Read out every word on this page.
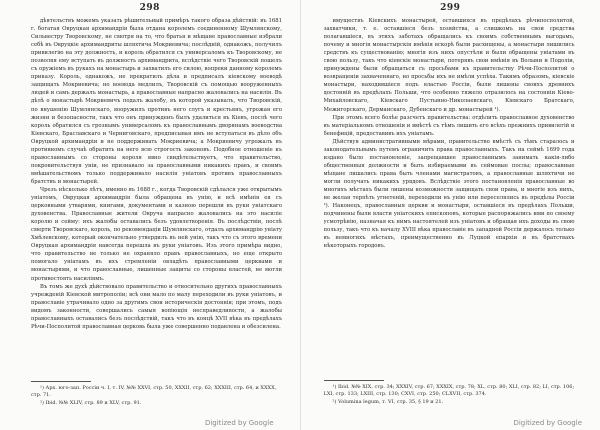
298

дѣятельствъ можемъ указать рѣшительный примѣръ такого образа дѣйствій: въ 1681 г. богатая Овруцкая архимандрія была отдана королемъ соединенному Шумлянскому, Сильвестру Творовскому, не смотря на то, что братья и мѣщане православные избрали себѣ въ Овруцкіе архимандриты шляхтича Мокриевича; послѣдній, однакожъ, получилъ привилегію на эту должность, и король обратился съ универсаломъ къ Творовскому, не позволяя ему вступать въ должность архимандрита, вслѣдствіе чего Творовскій пошелъ съ оружіемъ въ рукахъ на монастырь и захватилъ его силою, вопреки данному королемъ приказу. Король, однакожъ, не прекратилъ дѣла и предписалъ кіевскому воеводѣ защищать Мокриевича; но воевода медлилъ, Творовскій съ помощью вооруженныхъ людей и самъ держалъ монастырь, а православные напрасно жаловались на насилія. Въ дѣлѣ о монастырѣ Мокриевичъ подалъ жалобу, въ которой указывалъ, что Творовскій, по внушенію Шумлянскаго, вооружилъ противъ него слугъ и крестьянъ, угрожая его жизни и безопасности, такъ что онъ принужденъ былъ удалиться въ Кіевъ, послѣ чего король обратился съ грознымъ универсаломъ къ православнымъ дворянамъ воеводства Кіевскаго, Браславскаго и Черниговскаго, предписывая имъ не вступаться въ дѣло объ Овруцкой архимандріи и не поддерживать Мокриевича; а Мокриевичу угрожалъ въ противномъ случаѣ обратить на него всю строгость законовъ. Подобное отношеніе къ православнымъ со стороны короля явно свидѣтельствуетъ, что правительство, покровительствуя уніи, не признавало за православными никакихъ правъ, и своимъ вмѣшательствомъ только поддерживало насилія уніатовъ противъ православныхъ братствъ и монастырей.

Чрезъ нѣсколько лѣтъ, именно въ 1688 г., когда Творовскій сдѣлался уже открытымъ уніатомъ, Овруцкая архимандрія была обращена въ унію, и всѣ имѣнія ея съ церковными утварями, книгами, документами и казною перешли въ руки уніатскаго духовенства. Православные жители Овруча напрасно жаловались на это насиліе королю и сейму: ихъ жалобы оставались безъ удовлетворенія. Въ послѣдствіи, послѣ смерти Творовскаго, король, по рекомендаціи Шумлянскаго, отдалъ архимандрію уніату Хмѣлевскому, который окончательно утвердилъ въ ней унію, такъ что съ этого времени Овруцкая архимандрія навсегда перешла въ руки уніатовъ. Изъ этого примѣра видно, что правительство не только не охраняло правъ православныхъ, но еще открыто помогало уніатамъ въ ихъ стремленіи овладѣть православными церквами и монастырями, и что православные, лишенные защиты со стороны властей, не могли противостоять насиліямъ.

Въ томъ же духѣ дѣйствовало правительство и относительно другихъ православныхъ учрежденій Кіевской митрополіи; всѣ они мало по малу переходили въ руки уніатовъ, и православіе утрачивало одно за другимъ свои историческія достоянія; при этомъ, подъ видомъ законности, совершались самыя вопіющія несправедливости, а жалобы православныхъ оставались безъ послѣдствій, такъ что въ концѣ XVII вѣка въ предѣлахъ Рѣчи-Посполитой православная церковь была уже совершенно подавлена и обезсилена.

¹) Арх. юго-зап. Россіи ч. I, т. IV, №№ XXVI, стр. 50, XXXII, стр. 62; XXXIII, стр. 64, и XXXX, стр. 71.

²) Ibid. №№ XLIV, стр. 89 и XLV, стр. 91.

Digitized by Google
299

имуществъ Кіевскихъ монастырей, оставшихся въ предѣлахъ рѣчипосполитой, захватчики, т. е. оставшіеся безъ хозяйства, а слишкомъ на свои средства полагавшіеся, въ этихъ заботахъ обращались къ своимъ собственнымъ выгодамъ, почему и многія монастырскія имѣнія вскорѣ были расхищены, а монастыри лишились средствъ къ существованію; многія изъ нихъ опустѣли и были обращены уніатами въ свою пользу, такъ что кіевскіе монастыри, потерявъ свои имѣнія въ Волыни и Подоліи, принуждены были обращаться съ просьбами къ правительству Рѣчи-Посполитой о возвращеніи захваченнаго, но просьбы ихъ не имѣли успѣха. Такимъ образомъ, кіевскіе монастыри, находившіеся подъ властью Россіи, были лишены своихъ древнихъ достояній въ предѣлахъ Польши, что особенно тяжело отразилось на состояніи Кіево-Михайловскаго, Кіевскаго Пустынно-Николаевскаго, Кіевскаго Братскаго, Межигорскаго, Дерманскаго, Дубенскаго и др. монастырей ¹).

При этомъ всего болѣе разсчетъ правительства: отдѣлить православное духовенство въ матеріальномъ отношеніи и вмѣстѣ съ тѣмъ лишить его всѣхъ прежнихъ привилегій и бенефицій, предоставивъ ихъ уніатамъ.

Дѣйствуя административными мѣрами, правительство вмѣстѣ съ тѣмъ старалось и законодательнымъ путемъ ограничить права православныхъ. Такъ на сеймѣ 1699 года издано было постановленіе, запрещавшее православнымъ занимать какія-либо общественныя должности и быть избираемыми въ сеймовые послы; православные мѣщане лишались права быть членами магистратовъ, а православные шляхтичи не могли получать никакихъ урядовъ. Вслѣдствіе этого постановленія православные во многихъ мѣстахъ были лишены возможности защищать свои права, и многіе изъ нихъ, не желая терпѣть угнетеній, переходили въ унію или переселялись въ предѣлы Россіи ²). Наконецъ, православныя церкви и монастыри, оставшіеся въ предѣлахъ Польши, подчинены были власти уніатскихъ епископовъ, которые распоряжались ими по своему усмотрѣнію, назначая къ нимъ настоятелей изъ уніатовъ и обращая ихъ доходы въ свою пользу, такъ что къ началу XVIII вѣка православіе въ западной Россіи держалось только въ немногихъ мѣстахъ, преимущественно въ Луцкой епархіи и въ братствахъ нѣкоторыхъ городовъ.

¹) Ibid. №№ XIX, стр. 34; XXXIV, стр. 67; XXXIX, стр. 78; XL, стр. 80; XLI, стр. 82; LI, стр. 106; LXI, стр. 133; LXIII, стр. 130; CXVI, стр. 250; CLXVII, стр. 374.

²) Volumina legum, т. VI, стр. 35, § 19 и 21.

Digitized by Google
